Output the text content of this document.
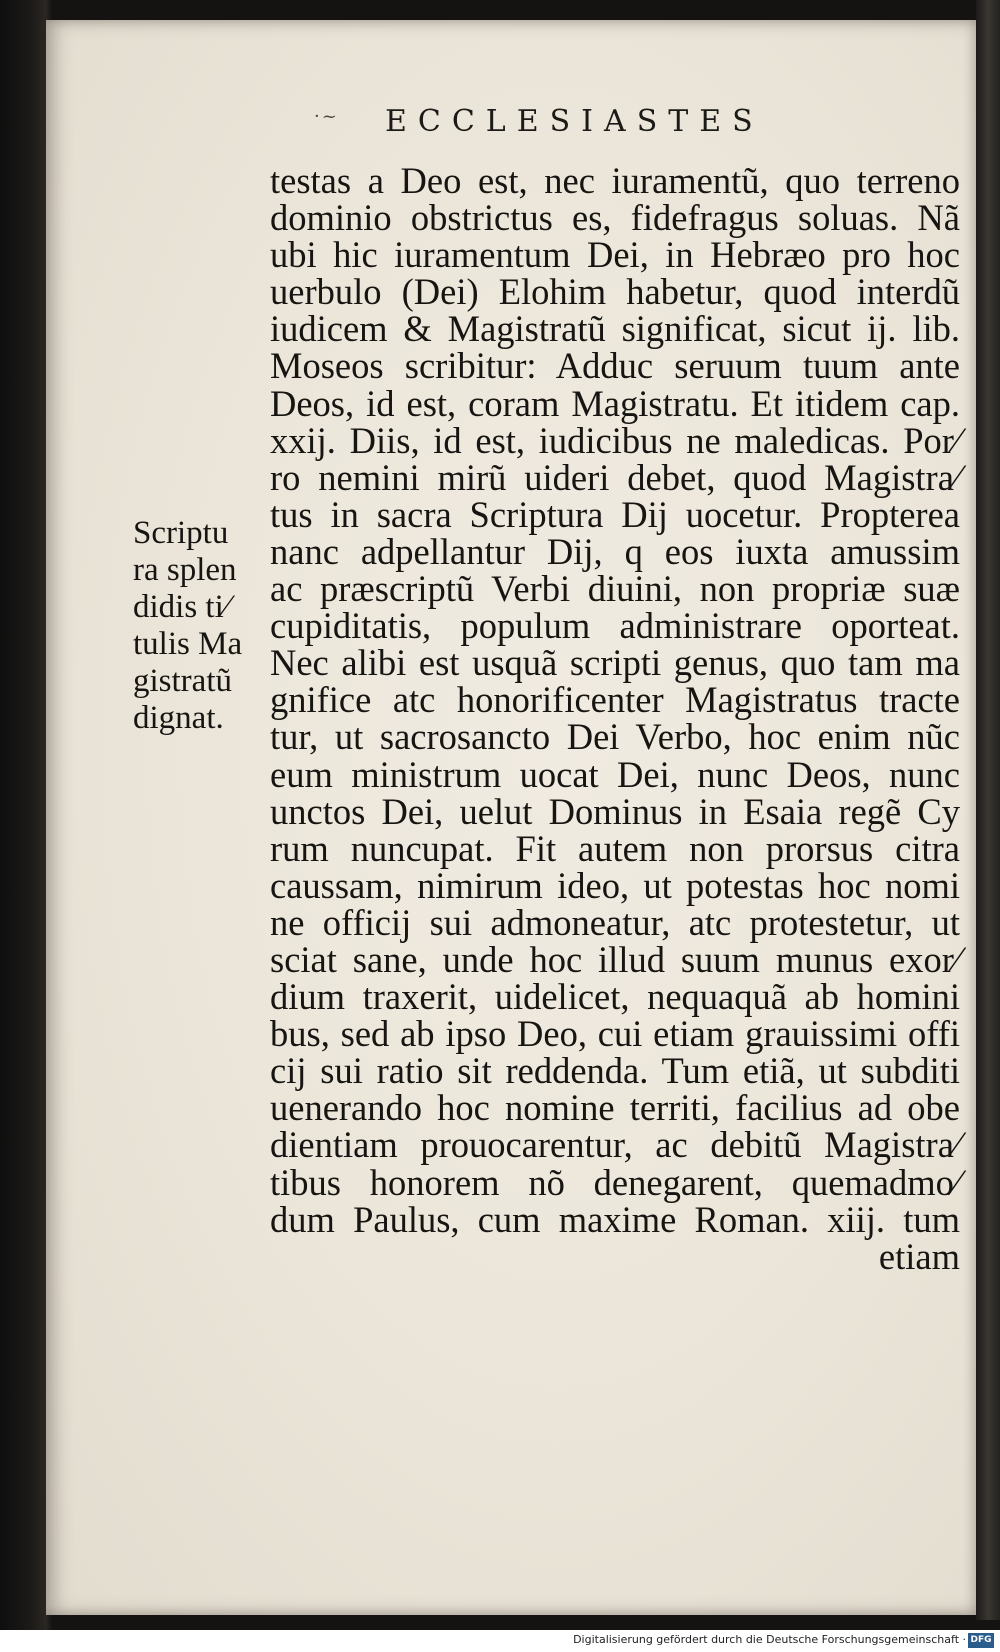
·~ ECCLESIASTES
Scriptu
ra splen
didis ti⁄
tulis Ma
gistratũ
dignat.
testas a Deo est, nec iuramentũ, quo terreno
dominio obstrictus es, fidefragus soluas. Nã
ubi hic iuramentum Dei, in Hebræo pro hoc
uerbulo (Dei) Elohim habetur, quod interdũ
iudicem & Magistratũ significat, sicut ij. lib.
Moseos scribitur: Adduc seruum tuum ante
Deos, id est, coram Magistratu. Et itidem cap.
xxij. Diis, id est, iudicibus ne maledicas. Por⁄
ro nemini mirũ uideri debet, quod Magistra⁄
tus in sacra Scriptura Dij uocetur. Propterea
nanc adpellantur Dij, q eos iuxta amussim
ac præscriptũ Verbi diuini, non propriæ suæ
cupiditatis, populum administrare oporteat.
Nec alibi est usquã scripti genus, quo tam ma
gnifice atc honorificenter Magistratus tracte
tur, ut sacrosancto Dei Verbo, hoc enim nũc
eum ministrum uocat Dei, nunc Deos, nunc
unctos Dei, uelut Dominus in Esaia regẽ Cy
rum nuncupat. Fit autem non prorsus citra
caussam, nimirum ideo, ut potestas hoc nomi
ne officij sui admoneatur, atc protestetur, ut
sciat sane, unde hoc illud suum munus exor⁄
dium traxerit, uidelicet, nequaquã ab homini
bus, sed ab ipso Deo, cui etiam grauissimi offi
cij sui ratio sit reddenda. Tum etiã, ut subditi
uenerando hoc nomine territi, facilius ad obe
dientiam prouocarentur, ac debitũ Magistra⁄
tibus honorem nõ denegarent, quemadmo⁄
dum Paulus, cum maxime Roman. xiij. tum
etiam
Digitalisierung gefördert durch die Deutsche Forschungsgemeinschaft · DFG
